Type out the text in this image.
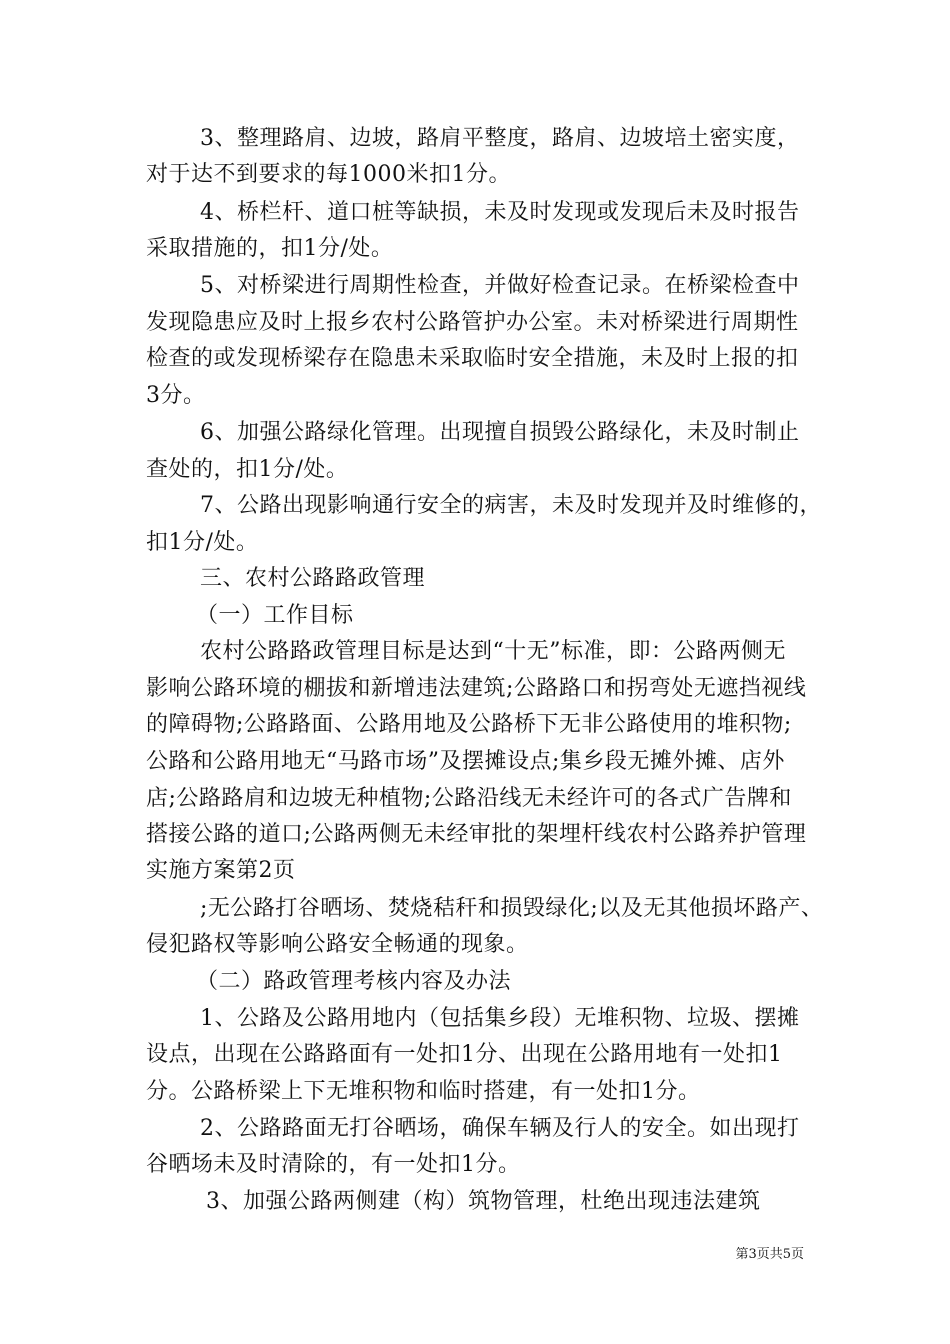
3、整理路肩、边坡，路肩平整度，路肩、边坡培土密实度，
对于达不到要求的每1000米扣1分。
4、桥栏杆、道口桩等缺损，未及时发现或发现后未及时报告
采取措施的，扣1分/处。
5、对桥梁进行周期性检查，并做好检查记录。在桥梁检查中
发现隐患应及时上报乡农村公路管护办公室。未对桥梁进行周期性
检查的或发现桥梁存在隐患未采取临时安全措施，未及时上报的扣
3分。
6、加强公路绿化管理。出现擅自损毁公路绿化，未及时制止
查处的，扣1分/处。
7、公路出现影响通行安全的病害，未及时发现并及时维修的，
扣1分/处。
三、农村公路路政管理
（一）工作目标
农村公路路政管理目标是达到“十无”标准，即：公路两侧无
影响公路环境的棚拔和新增违法建筑;公路路口和拐弯处无遮挡视线
的障碍物;公路路面、公路用地及公路桥下无非公路使用的堆积物;
公路和公路用地无“马路市场”及摆摊设点;集乡段无摊外摊、店外
店;公路路肩和边坡无种植物;公路沿线无未经许可的各式广告牌和
搭接公路的道口;公路两侧无未经审批的架埋杆线农村公路养护管理
实施方案第2页
;无公路打谷晒场、焚烧秸秆和损毁绿化;以及无其他损坏路产、
侵犯路权等影响公路安全畅通的现象。
（二）路政管理考核内容及办法
1、公路及公路用地内（包括集乡段）无堆积物、垃圾、摆摊
设点，出现在公路路面有一处扣1分、出现在公路用地有一处扣1
分。公路桥梁上下无堆积物和临时搭建，有一处扣1分。
2、公路路面无打谷晒场，确保车辆及行人的安全。如出现打
谷晒场未及时清除的，有一处扣1分。
3、加强公路两侧建（构）筑物管理，杜绝出现违法建筑
第3页共5页
